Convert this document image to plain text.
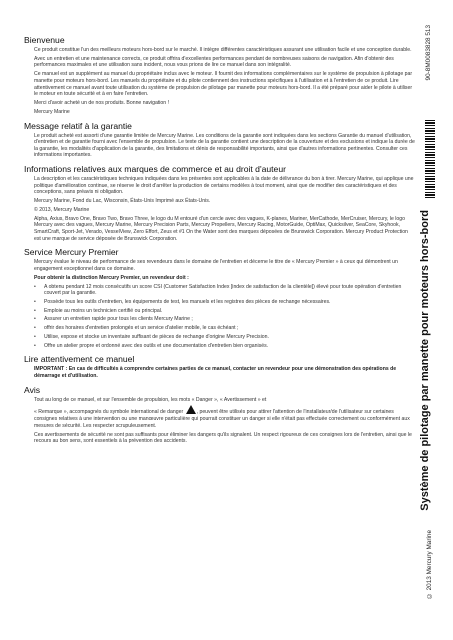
Bienvenue

Ce produit constitue l'un des meilleurs moteurs hors-bord sur le marché. Il intègre différentes caractéristiques assurant une utilisation facile et une conception durable.

Avec un entretien et une maintenance corrects, ce produit offrira d'excellentes performances pendant de nombreuses saisons de navigation. Afin d'obtenir des performances maximales et une utilisation sans incident, nous vous prions de lire ce manuel dans son intégralité.

Ce manuel est un supplément au manuel du propriétaire inclus avec le moteur. Il fournit des informations complémentaires sur le système de propulsion à pilotage par manette pour moteurs hors-bord. Les manuels du propriétaire et du pilote contiennent des instructions spécifiques à l'utilisation et à l'entretien de ce produit. Lire attentivement ce manuel avant toute utilisation du système de propulsion de pilotage par manette pour moteurs hors-bord. Il a été préparé pour aider le pilote à utiliser le moteur en toute sécurité et à en faire l'entretien.

Merci d'avoir acheté un de nos produits. Bonne navigation !

Mercury Marine

Message relatif à la garantie

Le produit acheté est assorti d'une garantie limitée de Mercury Marine. Les conditions de la garantie sont indiquées dans les sections Garantie du manuel d'utilisation, d'entretien et de garantie fourni avec l'ensemble de propulsion. Le texte de la garantie contient une description de la couverture et des exclusions et indique la durée de la garantie, les modalités d'application de la garantie, des limitations et dénis de responsabilité importants, ainsi que d'autres informations pertinentes. Consulter ces informations importantes.

Informations relatives aux marques de commerce et au droit d'auteur

La description et les caractéristiques techniques indiquées dans les présentes sont applicables à la date de délivrance du bon à tirer. Mercury Marine, qui applique une politique d'amélioration continue, se réserve le droit d'arrêter la production de certains modèles à tout moment, ainsi que de modifier des caractéristiques et des conceptions, sans préavis ni obligation.

Mercury Marine, Fond du Lac, Wisconsin, États-Unis Imprimé aux États-Unis.

© 2013, Mercury Marine

Alpha, Axius, Bravo One, Bravo Two, Bravo Three, le logo du M entouré d'un cercle avec des vagues, K-planes, Mariner, MerCathode, MerCruiser, Mercury, le logo Mercury avec des vagues, Mercury Marine, Mercury Precision Parts, Mercury Propellers, Mercury Racing, MotorGuide, OptiMax, Quicksilver, SeaCore, Skyhook, SmartCraft, Sport-Jet, Verado, VesselView, Zero Effort, Zeus et #1 On the Water sont des marques déposées de Brunswick Corporation. Mercury Product Protection est une marque de service déposée de Brunswick Corporation.

Service Mercury Premier

Mercury évalue le niveau de performance de ses revendeurs dans le domaine de l'entretien et décerne le titre de « Mercury Premier » à ceux qui démontrent un engagement exceptionnel dans ce domaine.

Pour obtenir la distinction Mercury Premier, un revendeur doit :

• A obtenu pendant 12 mois consécutifs un score CSI (Customer Satisfaction Index [index de satisfaction de la clientèle]) élevé pour toute opération d'entretien couvert par la garantie.
• Possède tous les outils d'entretien, les équipements de test, les manuels et les registres des pièces de rechange nécessaires.
• Emploie au moins un technicien certifié ou principal.
• Assurer un entretien rapide pour tous les clients Mercury Marine ;
• offrir des horaires d'entretien prolongés et un service d'atelier mobile, le cas échéant ;
• Utilise, expose et stocke un inventaire suffisant de pièces de rechange d'origine Mercury Precision.
• Offre un atelier propre et ordonné avec des outils et une documentation d'entretien bien organisés.
Lire attentivement ce manuel

IMPORTANT : En cas de difficultés à comprendre certaines parties de ce manuel, contacter un revendeur pour une démonstration des opérations de démarrage et d'utilisation.

Avis

Tout au long de ce manuel, et sur l'ensemble de propulsion, les mots « Danger », « Avertissement » et

« Remarque », accompagnés du symbole international de danger	, peuvent être utilisés pour attirer l'attention de l'installateur/de l'utilisateur sur certaines consignes relatives à une intervention ou une manœuvre particulière qui pourrait constituer un danger si elle n'était pas effectuée correctement ou conformément aux mesures de sécurité. Les respecter scrupuleusement.

Ces avertissements de sécurité ne sont pas suffisants pour éliminer les dangers qu'ils signalent. Un respect rigoureux de ces consignes lors de l'entretien, ainsi que le recours au bon sens, sont essentiels à la prévention des accidents.

90-8M0083828 513
Système de pilotage par manette pour moteurs hors-bord
© 2013 Mercury Marine
